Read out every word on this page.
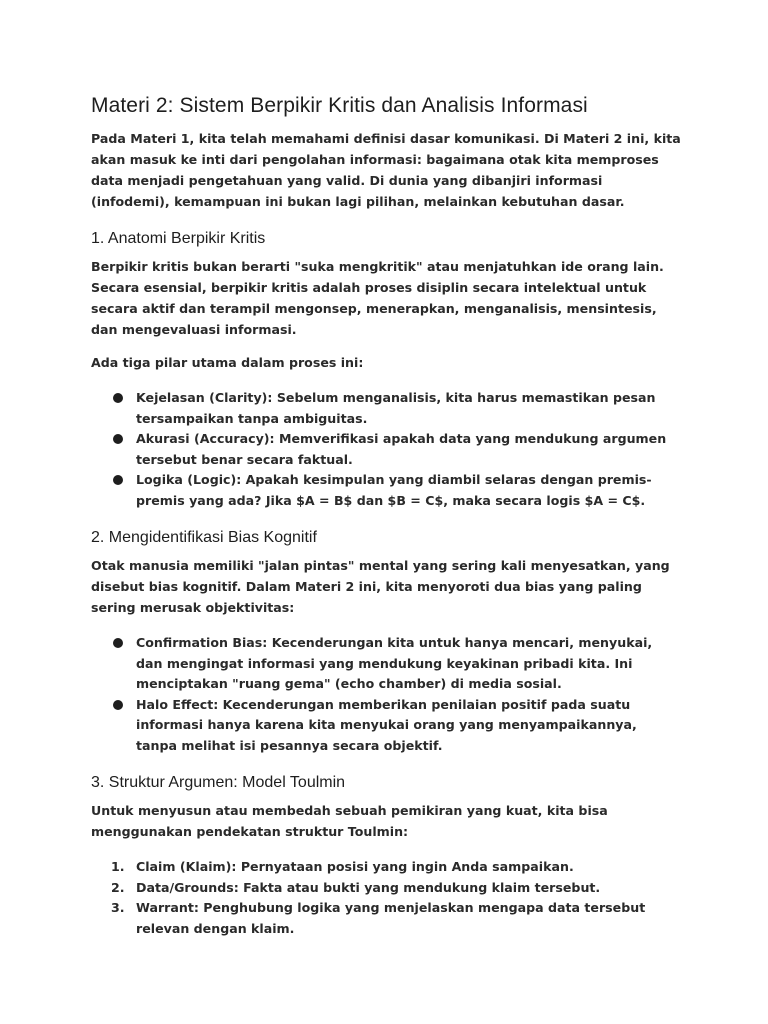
Materi 2: Sistem Berpikir Kritis dan Analisis Informasi

Pada Materi 1, kita telah memahami definisi dasar komunikasi. Di Materi 2 ini, kita akan masuk ke inti dari pengolahan informasi: bagaimana otak kita memproses data menjadi pengetahuan yang valid. Di dunia yang dibanjiri informasi (infodemi), kemampuan ini bukan lagi pilihan, melainkan kebutuhan dasar.

1. Anatomi Berpikir Kritis

Berpikir kritis bukan berarti "suka mengkritik" atau menjatuhkan ide orang lain. Secara esensial, berpikir kritis adalah proses disiplin secara intelektual untuk secara aktif dan terampil mengonsep, menerapkan, menganalisis, mensintesis, dan mengevaluasi informasi.

Ada tiga pilar utama dalam proses ini:

Kejelasan (Clarity): Sebelum menganalisis, kita harus memastikan pesan tersampaikan tanpa ambiguitas.
Akurasi (Accuracy): Memverifikasi apakah data yang mendukung argumen tersebut benar secara faktual.
Logika (Logic): Apakah kesimpulan yang diambil selaras dengan premis-premis yang ada? Jika $A = B$ dan $B = C$, maka secara logis $A = C$.
2. Mengidentifikasi Bias Kognitif

Otak manusia memiliki "jalan pintas" mental yang sering kali menyesatkan, yang disebut bias kognitif. Dalam Materi 2 ini, kita menyoroti dua bias yang paling sering merusak objektivitas:

Confirmation Bias: Kecenderungan kita untuk hanya mencari, menyukai, dan mengingat informasi yang mendukung keyakinan pribadi kita. Ini menciptakan "ruang gema" (echo chamber) di media sosial.
Halo Effect: Kecenderungan memberikan penilaian positif pada suatu informasi hanya karena kita menyukai orang yang menyampaikannya, tanpa melihat isi pesannya secara objektif.
3. Struktur Argumen: Model Toulmin

Untuk menyusun atau membedah sebuah pemikiran yang kuat, kita bisa menggunakan pendekatan struktur Toulmin:

1. Claim (Klaim): Pernyataan posisi yang ingin Anda sampaikan.
2. Data/Grounds: Fakta atau bukti yang mendukung klaim tersebut.
3. Warrant: Penghubung logika yang menjelaskan mengapa data tersebut relevan dengan klaim.
